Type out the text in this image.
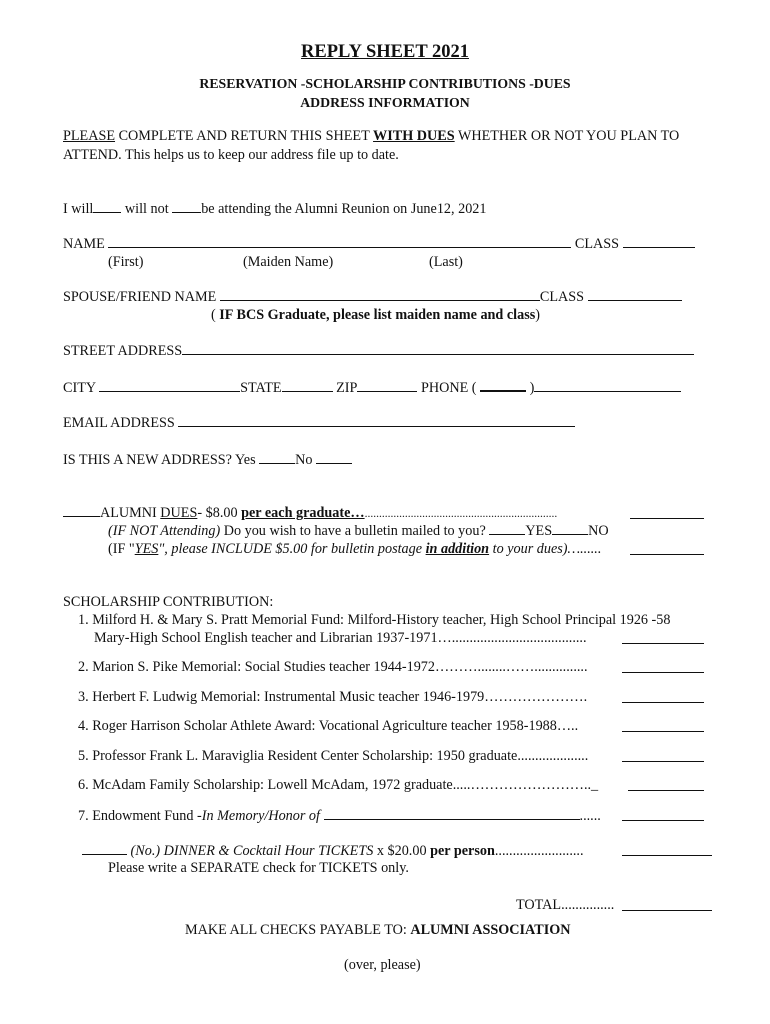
REPLY SHEET 2021
RESERVATION -SCHOLARSHIP CONTRIBUTIONS -DUES
ADDRESS INFORMATION
PLEASE COMPLETE AND RETURN THIS SHEET WITH DUES WHETHER OR NOT YOU PLAN TO
ATTEND. This helps us to keep our address file up to date.
I will will not be attending the Alumni Reunion on June12, 2021
NAME	CLASS
(First)	(Maiden Name)	(Last)
SPOUSE/FRIEND NAME	CLASS
( IF BCS Graduate, please list maiden name and class)
STREET ADDRESS
CITY	STATE	ZIP	PHONE (	)
EMAIL ADDRESS
IS THIS A NEW ADDRESS? Yes	No
ALUMNI DUES- $8.00 per each graduate…...................................................................
(IF NOT Attending) Do you wish to have a bulletin mailed to you?	YES	NO
(IF "YES", please INCLUDE $5.00 for bulletin postage in addition to your dues)…......
SCHOLARSHIP CONTRIBUTION:
1. Milford H. & Mary S. Pratt Memorial Fund: Milford-History teacher, High School Principal 1926 -58
Mary-High School English teacher and Librarian 1937-1971…......................................
2. Marion S. Pike Memorial: Social Studies teacher 1944-1972………........……...............
3. Herbert F. Ludwig Memorial: Instrumental Music teacher 1946-1979………………….
4. Roger Harrison Scholar Athlete Award: Vocational Agriculture teacher 1958-1988…..
5. Professor Frank L. Maraviglia Resident Center Scholarship: 1950 graduate....................
6. McAdam Family Scholarship: Lowell McAdam, 1972 graduate.....…………………….._
7. Endowment Fund -In Memory/Honor of	......
(No.) DINNER & Cocktail Hour TICKETS x $20.00 per person.........................
Please write a SEPARATE check for TICKETS only.
TOTAL...............
MAKE ALL CHECKS PAYABLE TO: ALUMNI ASSOCIATION
(over, please)
